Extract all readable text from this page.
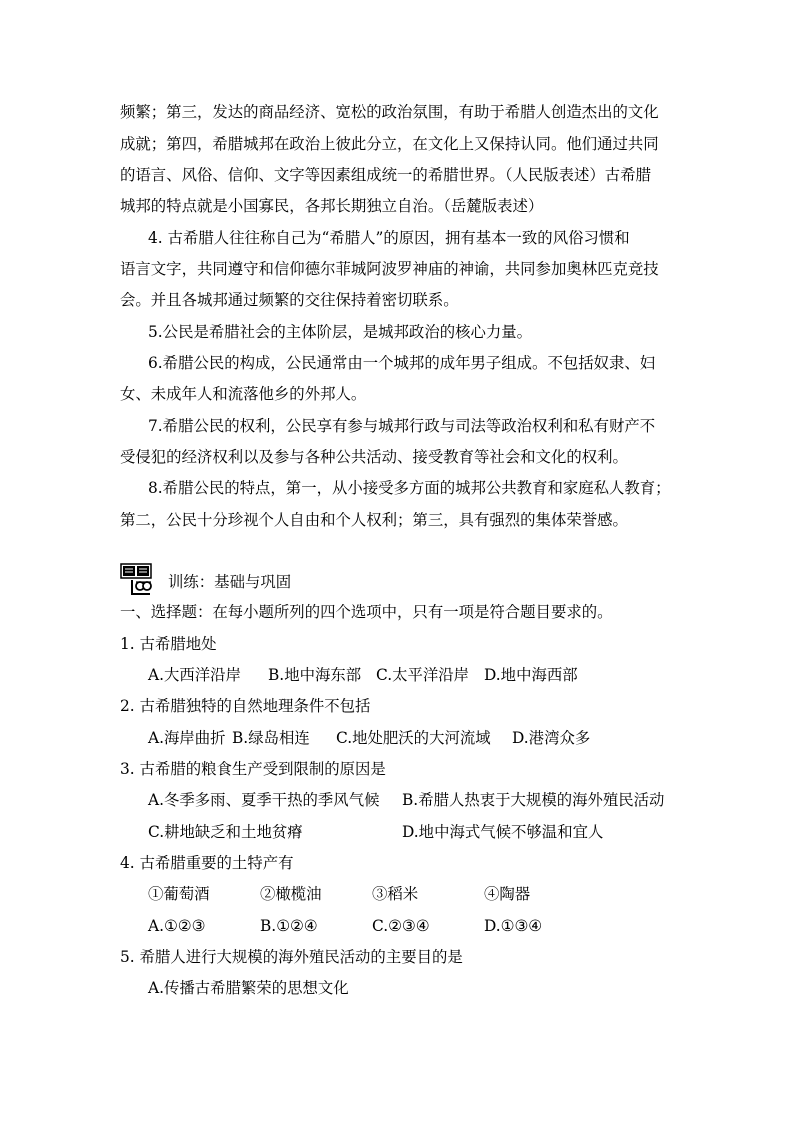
频繁；第三，发达的商品经济、宽松的政治氛围，有助于希腊人创造杰出的文化
成就；第四，希腊城邦在政治上彼此分立，在文化上又保持认同。他们通过共同
的语言、风俗、信仰、文字等因素组成统一的希腊世界。（人民版表述）古希腊
城邦的特点就是小国寡民，各邦长期独立自治。（岳麓版表述）
4. 古希腊人往往称自己为“希腊人”的原因，拥有基本一致的风俗习惯和
语言文字，共同遵守和信仰德尔菲城阿波罗神庙的神谕，共同参加奥林匹克竞技
会。并且各城邦通过频繁的交往保持着密切联系。
5.公民是希腊社会的主体阶层，是城邦政治的核心力量。
6.希腊公民的构成，公民通常由一个城邦的成年男子组成。不包括奴隶、妇
女、未成年人和流落他乡的外邦人。
7.希腊公民的权利，公民享有参与城邦行政与司法等政治权利和私有财产不
受侵犯的经济权利以及参与各种公共活动、接受教育等社会和文化的权利。
8.希腊公民的特点，第一，从小接受多方面的城邦公共教育和家庭私人教育；
第二，公民十分珍视个人自由和个人权利；第三，具有强烈的集体荣誉感。
训练：基础与巩固
一、选择题：在每小题所列的四个选项中，只有一项是符合题目要求的。
1. 古希腊地处
A.大西洋沿岸 B.地中海东部 C.太平洋沿岸 D.地中海西部
2. 古希腊独特的自然地理条件不包括
A.海岸曲折 B.绿岛相连 C.地处肥沃的大河流域 D.港湾众多
3. 古希腊的粮食生产受到限制的原因是
A.冬季多雨、夏季干热的季风气候 B.希腊人热衷于大规模的海外殖民活动
C.耕地缺乏和土地贫瘠	D.地中海式气候不够温和宜人
4. 古希腊重要的土特产有
①葡萄酒	②橄榄油	③稻米	④陶器
A.①②③	B.①②④	C.②③④	D.①③④
5. 希腊人进行大规模的海外殖民活动的主要目的是
A.传播古希腊繁荣的思想文化
